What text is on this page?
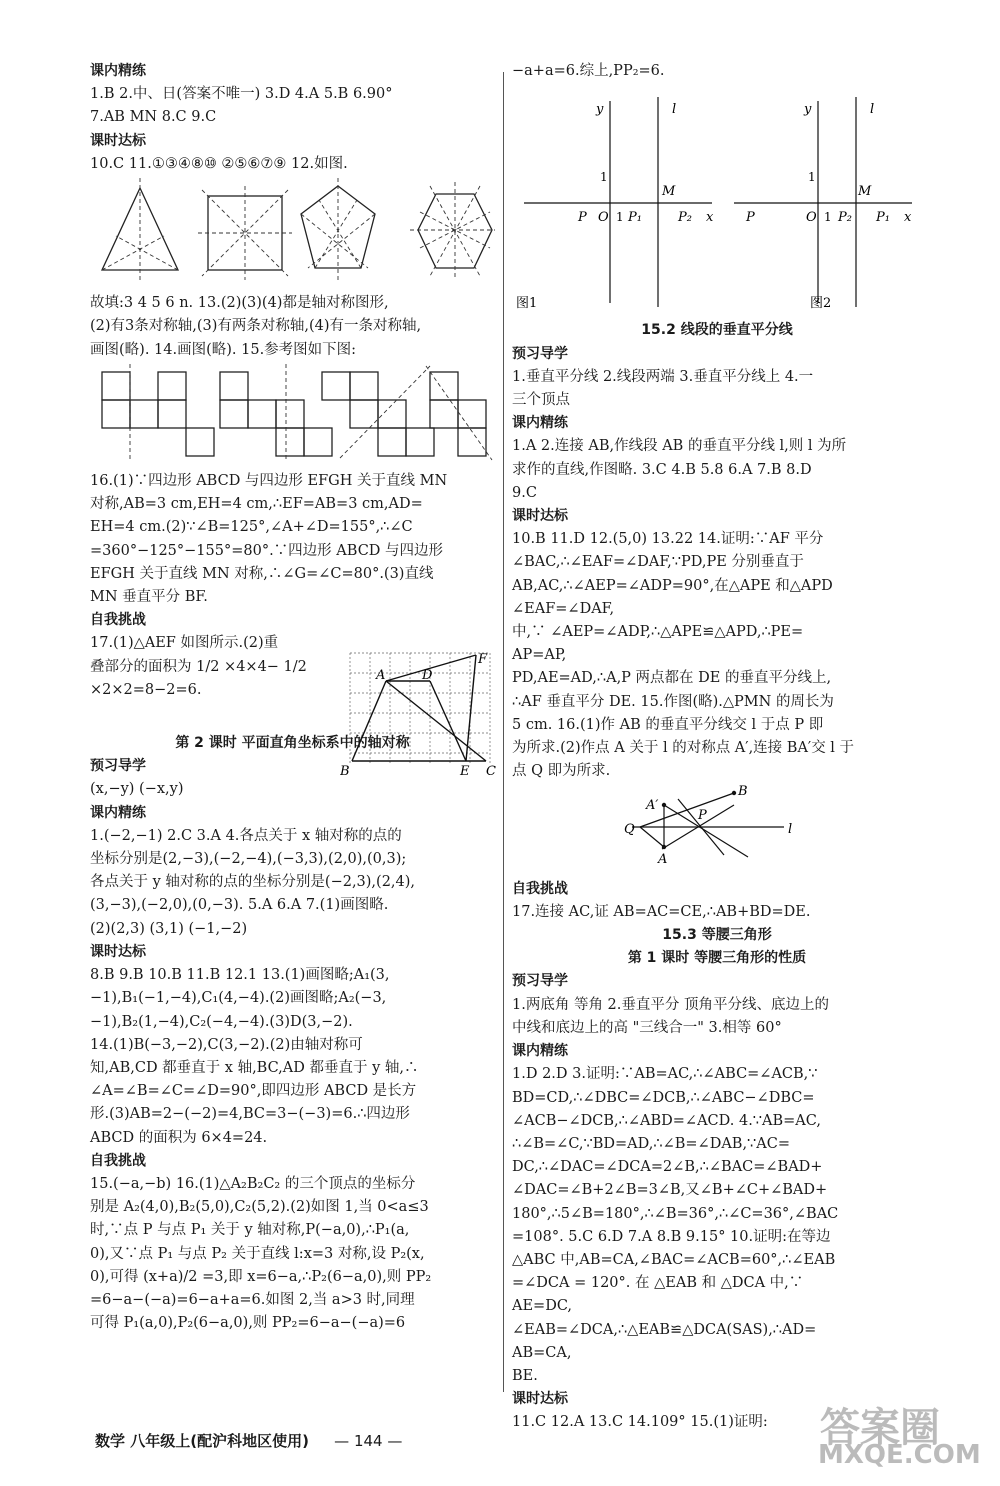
课内精练

1.B 2.中、日(答案不唯一) 3.D 4.A 5.B 6.90°

7.AB MN 8.C 9.C

课时达标

10.C 11.①③④⑧⑩ ②⑤⑥⑦⑨ 12.如图.

故填:3 4 5 6 n. 13.(2)(3)(4)都是轴对称图形,

(2)有3条对称轴,(3)有两条对称轴,(4)有一条对称轴,

画图(略). 14.画图(略). 15.参考图如下图:

16.(1)∵四边形 ABCD 与四边形 EFGH 关于直线 MN

对称,AB=3 cm,EH=4 cm,∴EF=AB=3 cm,AD=

EH=4 cm.(2)∵∠B=125°,∠A+∠D=155°,∴∠C

=360°−125°−155°=80°.∵四边形 ABCD 与四边形

EFGH 关于直线 MN 对称,∴∠G=∠C=80°.(3)直线

MN 垂直平分 BF.

自我挑战

17.(1)△AEF 如图所示.(2)重

叠部分的面积为 1/2 ×4×4− 1/2

×2×2=8−2=6.

第 2 课时 平面直角坐标系中的轴对称
预习导学

(x,−y) (−x,y)

课内精练

1.(−2,−1) 2.C 3.A 4.各点关于 x 轴对称的点的

坐标分别是(2,−3),(−2,−4),(−3,3),(2,0),(0,3);

各点关于 y 轴对称的点的坐标分别是(−2,3),(2,4),

(3,−3),(−2,0),(0,−3). 5.A 6.A 7.(1)画图略.

(2)(2,3) (3,1) (−1,−2)

课时达标

8.B 9.B 10.B 11.B 12.1 13.(1)画图略;A₁(3,

−1),B₁(−1,−4),C₁(4,−4).(2)画图略;A₂(−3,

−1),B₂(1,−4),C₂(−4,−4).(3)D(3,−2).

14.(1)B(−3,−2),C(3,−2).(2)由轴对称可

知,AB,CD 都垂直于 x 轴,BC,AD 都垂直于 y 轴,∴

∠A=∠B=∠C=∠D=90°,即四边形 ABCD 是长方

形.(3)AB=2−(−2)=4,BC=3−(−3)=6.∴四边形

ABCD 的面积为 6×4=24.

自我挑战

15.(−a,−b) 16.(1)△A₂B₂C₂ 的三个顶点的坐标分

别是 A₂(4,0),B₂(5,0),C₂(5,2).(2)如图 1,当 0<a≤3

时,∵点 P 与点 P₁ 关于 y 轴对称,P(−a,0),∴P₁(a,

0),又∵点 P₁ 与点 P₂ 关于直线 l:x=3 对称,设 P₂(x,

0),可得 (x+a)/2 =3,即 x=6−a,∴P₂(6−a,0),则 PP₂

=6−a−(−a)=6−a+a=6.如图 2,当 a>3 时,同理

可得 P₁(a,0),P₂(6−a,0),则 PP₂=6−a−(−a)=6

A	D
F
B	E C

−a+a=6.综上,PP₂=6.

y	l
1
M
P O 1 P₁	P₂ x
图1
y	l
1
M
P	O 1 P₂ P₁ x
图2
15.2 线段的垂直平分线
预习导学

1.垂直平分线 2.线段两端 3.垂直平分线上 4.一

三个顶点

课内精练

1.A 2.连接 AB,作线段 AB 的垂直平分线 l,则 l 为所

求作的直线,作图略. 3.C 4.B 5.8 6.A 7.B 8.D

9.C

课时达标

10.B 11.D 12.(5,0) 13.22 14.证明:∵AF 平分

∠BAC,∴∠EAF=∠DAF,∵PD,PE 分别垂直于

AB,AC,∴∠AEP=∠ADP=90°,在△APE 和△APD

∠EAF=∠DAF,

中,∵ ∠AEP=∠ADP,∴△APE≌△APD,∴PE=

AP=AP,

PD,AE=AD,∴A,P 两点都在 DE 的垂直平分线上,

∴AF 垂直平分 DE. 15.作图(略).△PMN 的周长为

5 cm. 16.(1)作 AB 的垂直平分线交 l 于点 P 即

为所求.(2)作点 A 关于 l 的对称点 A′,连接 BA′交 l 于

点 Q 即为所求.

B
A′
P
Q
A
l
自我挑战

17.连接 AC,证 AB=AC=CE,∴AB+BD=DE.

15.3 等腰三角形
第 1 课时 等腰三角形的性质
预习导学

1.两底角 等角 2.垂直平分 顶角平分线、底边上的

中线和底边上的高 "三线合一" 3.相等 60°

课内精练

1.D 2.D 3.证明:∵AB=AC,∴∠ABC=∠ACB,∵

BD=CD,∴∠DBC=∠DCB,∴∠ABC−∠DBC=

∠ACB−∠DCB,∴∠ABD=∠ACD. 4.∵AB=AC,

∴∠B=∠C,∵BD=AD,∴∠B=∠DAB,∵AC=

DC,∴∠DAC=∠DCA=2∠B,∴∠BAC=∠BAD+

∠DAC=∠B+2∠B=3∠B,又∠B+∠C+∠BAD+

180°,∴5∠B=180°,∴∠B=36°,∴∠C=36°,∠BAC

=108°. 5.C 6.D 7.A 8.B 9.15° 10.证明:在等边

△ABC 中,AB=CA,∠BAC=∠ACB=60°,∴∠EAB

=∠DCA = 120°. 在 △EAB 和 △DCA 中,∵

AE=DC,

∠EAB=∠DCA,∴△EAB≌△DCA(SAS),∴AD=

AB=CA,

BE.

课时达标

11.C 12.A 13.C 14.109° 15.(1)证明:

数学 八年级上(配沪科地区使用) — 144 —	答案圈
MXQE.COM
